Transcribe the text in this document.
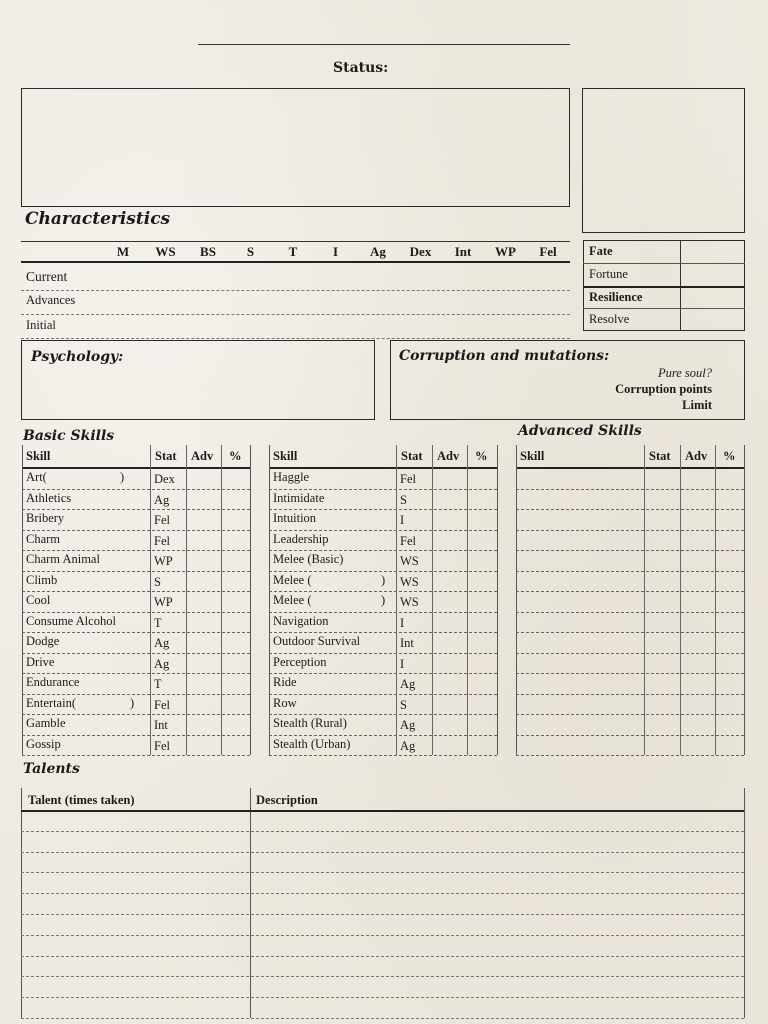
Status:
Characteristics
M	WS	BS	S	T	I	Ag	Dex	Int	WP	Fel
Current
Advances
Initial
Fate
Fortune
Resilience
Resolve
Psychology:	Corruption and mutations:
Pure soul?
Corruption points
Limit
Basic Skills	Advanced Skills
Skill	Stat Adv %
Art(	) Dex
Athletics	Ag
Bribery	Fel
Charm	Fel
Charm Animal	WP
Climb	S
Cool	WP
Consume Alcohol	T
Dodge	Ag
Drive	Ag
Endurance	T
Entertain(	) Fel
Gamble	Int
Gossip	Fel
Skill	Stat Adv %
Haggle	Fel
Intimidate	S
Intuition	I
Leadership	Fel
Melee (Basic)	WS
Melee (	) WS
Melee (	) WS
Navigation	I
Outdoor Survival	Int
Perception	I
Ride	Ag
Row	S
Stealth (Rural)	Ag
Stealth (Urban)	Ag
Skill	Stat Adv %
Talents
Talent (times taken)	Description
